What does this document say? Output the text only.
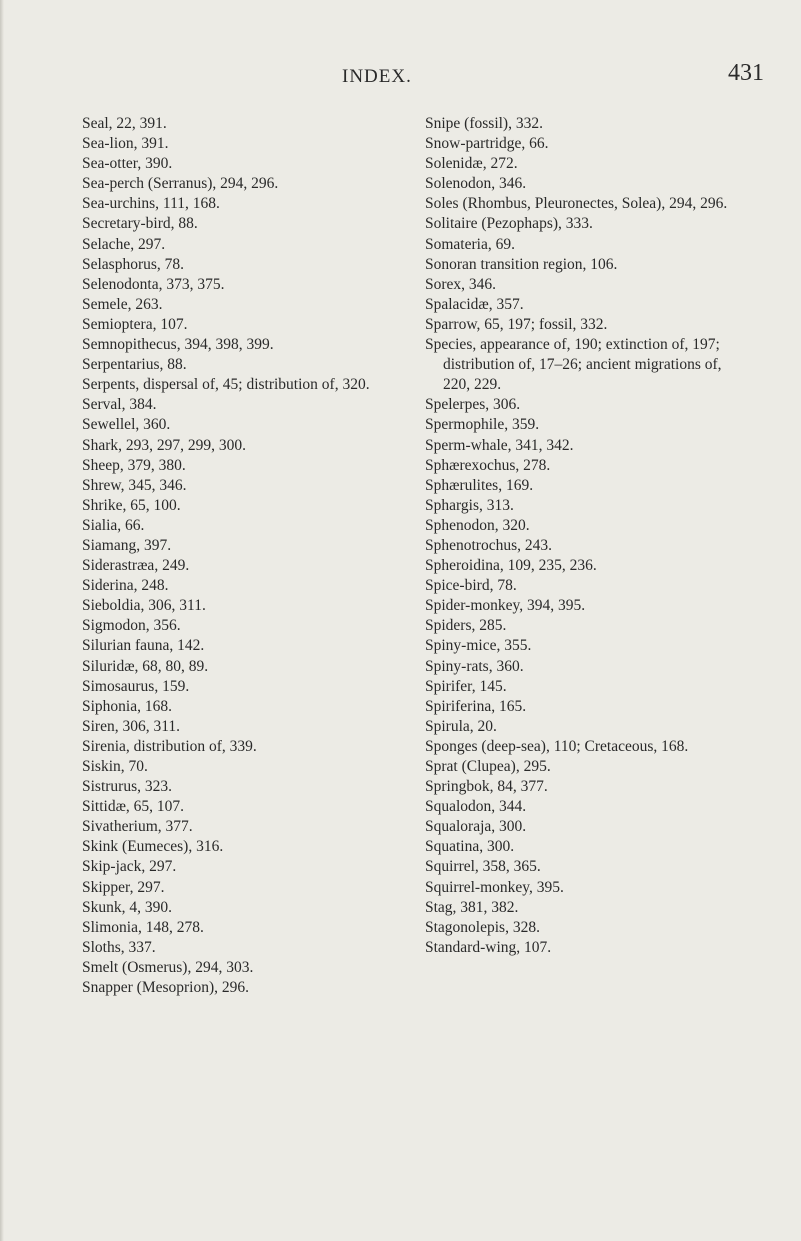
INDEX.	431
Seal, 22, 391.
Sea-lion, 391.
Sea-otter, 390.
Sea-perch (Serranus), 294, 296.
Sea-urchins, 111, 168.
Secretary-bird, 88.
Selache, 297.
Selasphorus, 78.
Selenodonta, 373, 375.
Semele, 263.
Semioptera, 107.
Semnopithecus, 394, 398, 399.
Serpentarius, 88.
Serpents, dispersal of, 45; distribution of, 320.
Serval, 384.
Sewellel, 360.
Shark, 293, 297, 299, 300.
Sheep, 379, 380.
Shrew, 345, 346.
Shrike, 65, 100.
Sialia, 66.
Siamang, 397.
Siderastræa, 249.
Siderina, 248.
Sieboldia, 306, 311.
Sigmodon, 356.
Silurian fauna, 142.
Siluridæ, 68, 80, 89.
Simosaurus, 159.
Siphonia, 168.
Siren, 306, 311.
Sirenia, distribution of, 339.
Siskin, 70.
Sistrurus, 323.
Sittidæ, 65, 107.
Sivatherium, 377.
Skink (Eumeces), 316.
Skip-jack, 297.
Skipper, 297.
Skunk, 4, 390.
Slimonia, 148, 278.
Sloths, 337.
Smelt (Osmerus), 294, 303.
Snapper (Mesoprion), 296.
Snipe (fossil), 332.
Snow-partridge, 66.
Solenidæ, 272.
Solenodon, 346.
Soles (Rhombus, Pleuronectes, Solea), 294, 296.
Solitaire (Pezophaps), 333.
Somateria, 69.
Sonoran transition region, 106.
Sorex, 346.
Spalacidæ, 357.
Sparrow, 65, 197; fossil, 332.
Species, appearance of, 190; extinction of, 197; distribution of, 17–26; ancient migrations of, 220, 229.
Spelerpes, 306.
Spermophile, 359.
Sperm-whale, 341, 342.
Sphærexochus, 278.
Sphærulites, 169.
Sphargis, 313.
Sphenodon, 320.
Sphenotrochus, 243.
Spheroidina, 109, 235, 236.
Spice-bird, 78.
Spider-monkey, 394, 395.
Spiders, 285.
Spiny-mice, 355.
Spiny-rats, 360.
Spirifer, 145.
Spiriferina, 165.
Spirula, 20.
Sponges (deep-sea), 110; Cretaceous, 168.
Sprat (Clupea), 295.
Springbok, 84, 377.
Squalodon, 344.
Squaloraja, 300.
Squatina, 300.
Squirrel, 358, 365.
Squirrel-monkey, 395.
Stag, 381, 382.
Stagonolepis, 328.
Standard-wing, 107.
